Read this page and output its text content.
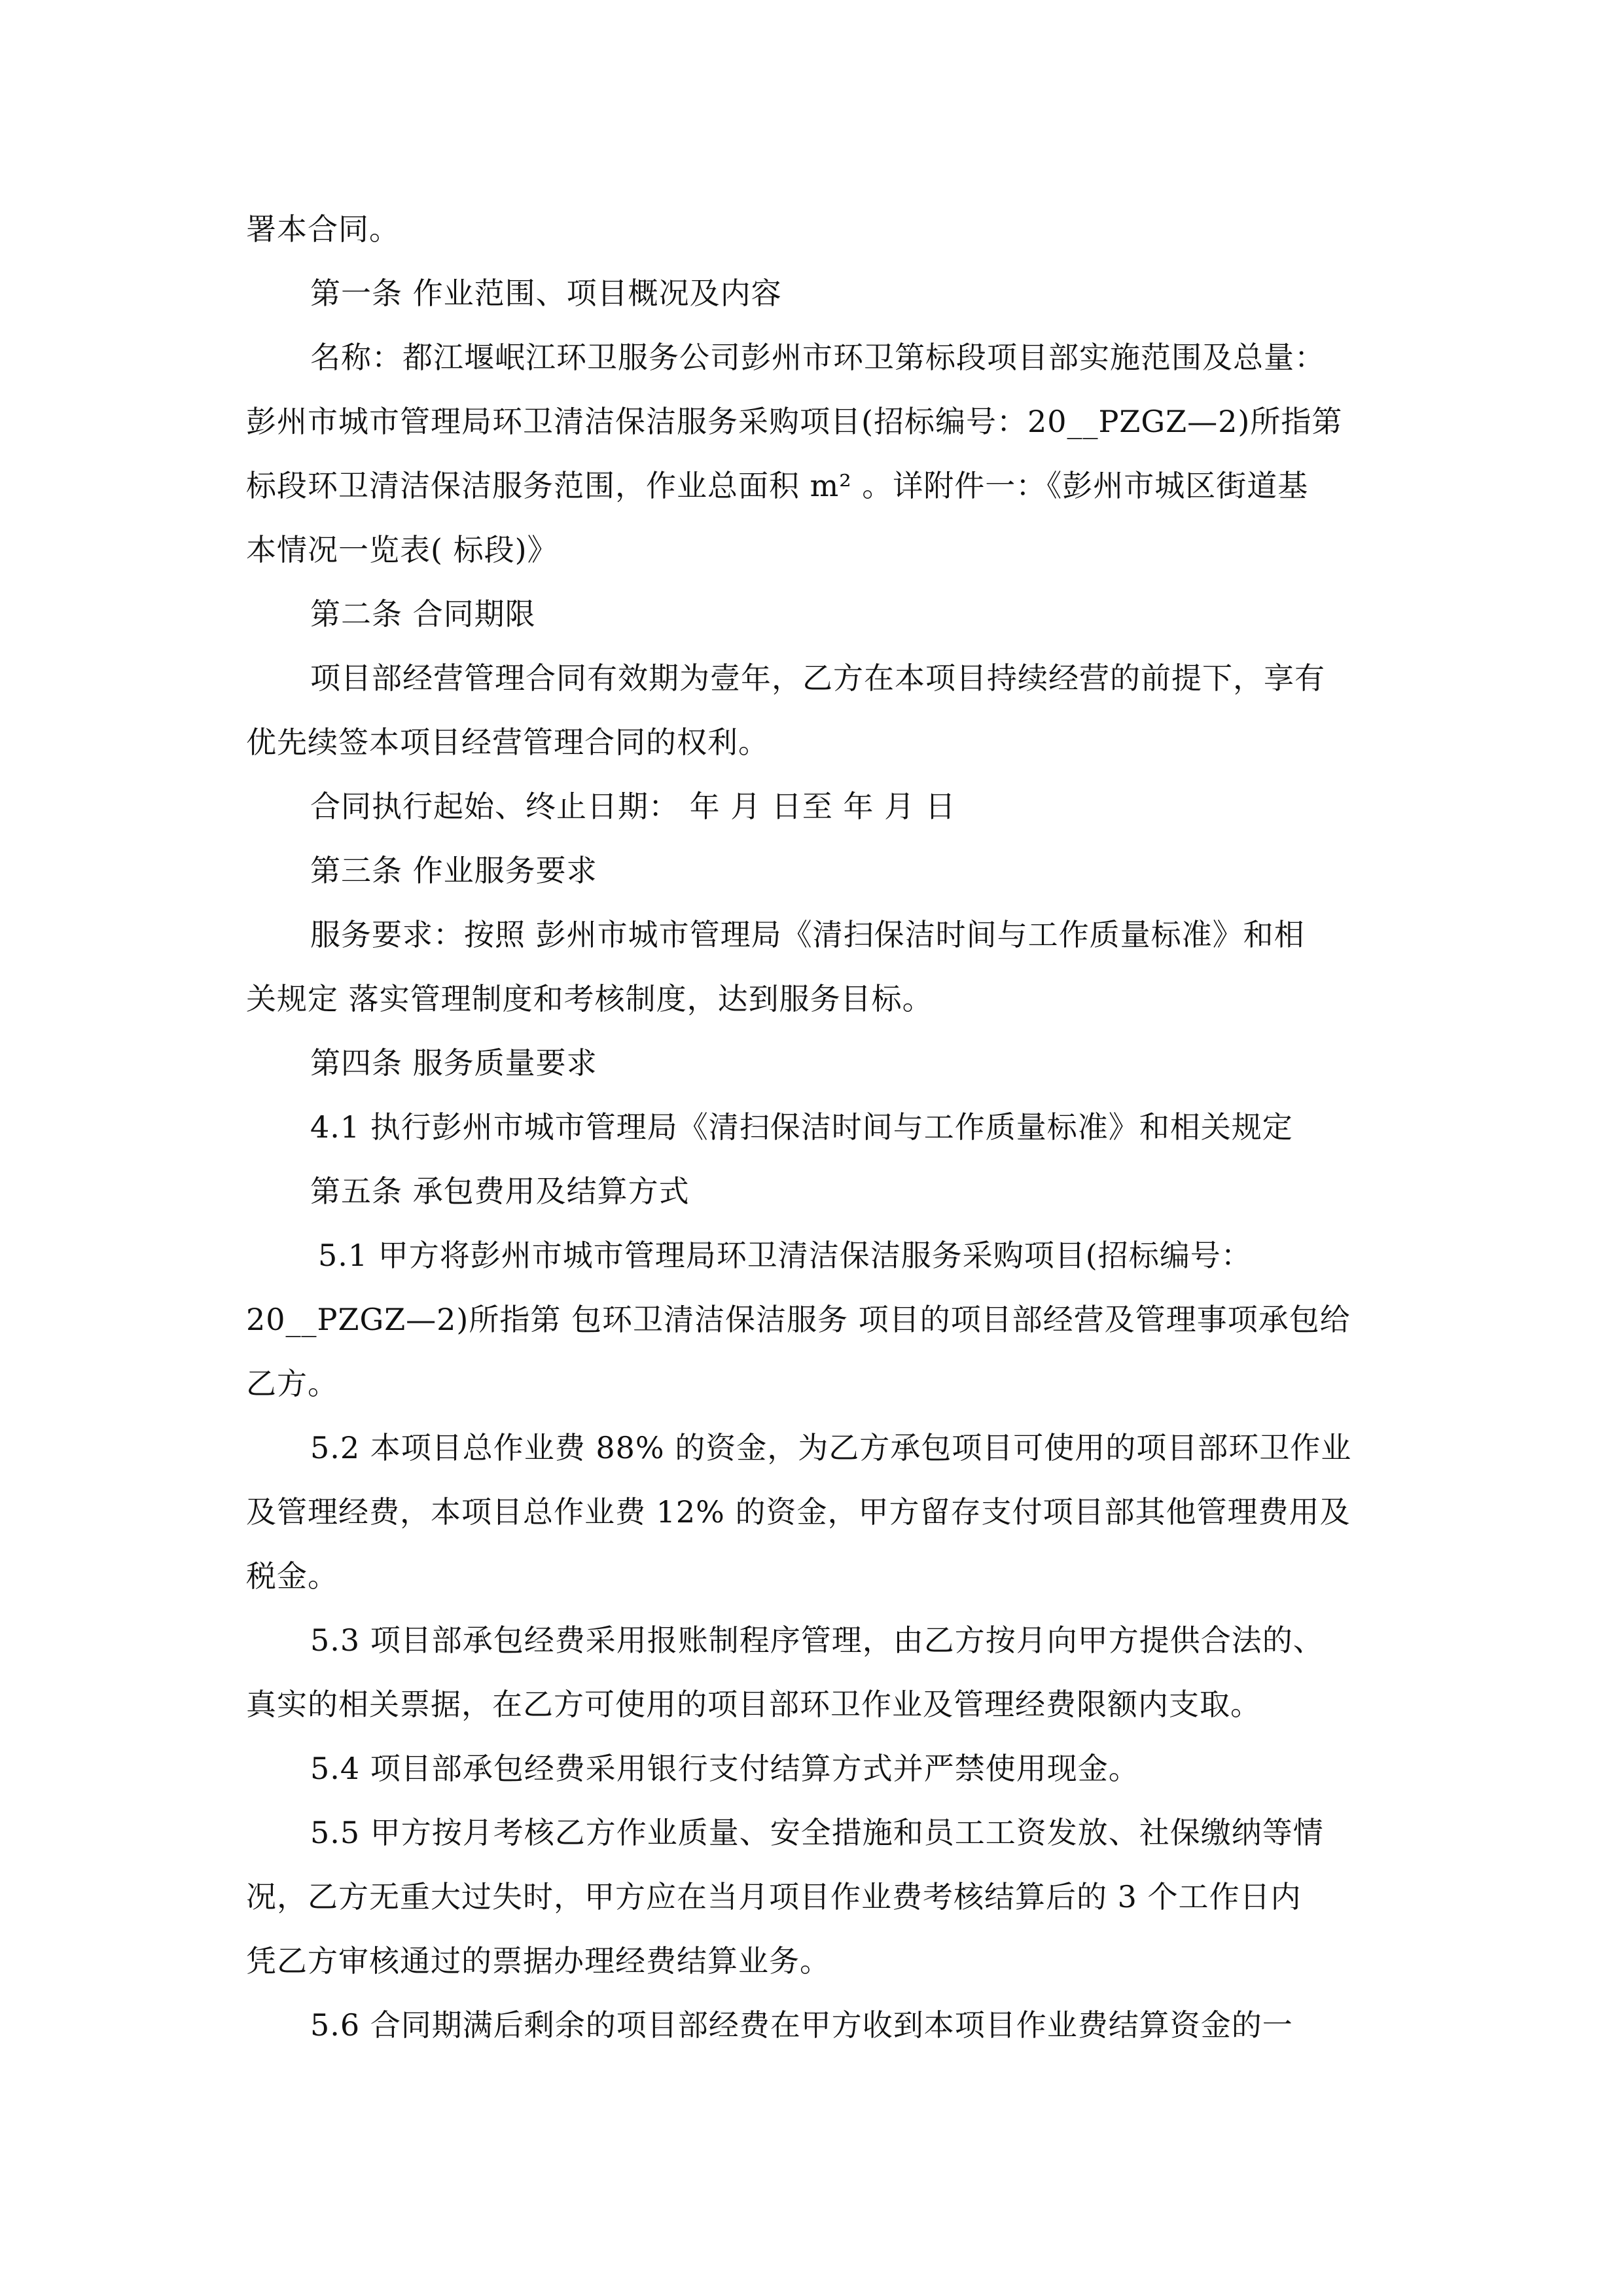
署本合同。
第一条 作业范围、项目概况及内容
名称：都江堰岷江环卫服务公司彭州市环卫第标段项目部实施范围及总量：
彭州市城市管理局环卫清洁保洁服务采购项目(招标编号：20__PZGZ—2)所指第
标段环卫清洁保洁服务范围，作业总面积 m² 。详附件一：《彭州市城区街道基
本情况一览表( 标段)》
第二条 合同期限
项目部经营管理合同有效期为壹年，乙方在本项目持续经营的前提下，享有
优先续签本项目经营管理合同的权利。
合同执行起始、终止日期： 年 月 日至 年 月 日
第三条 作业服务要求
服务要求：按照 彭州市城市管理局《清扫保洁时间与工作质量标准》和相
关规定 落实管理制度和考核制度，达到服务目标。
第四条 服务质量要求
4.1 执行彭州市城市管理局《清扫保洁时间与工作质量标准》和相关规定
第五条 承包费用及结算方式
5.1 甲方将彭州市城市管理局环卫清洁保洁服务采购项目(招标编号：
20__PZGZ—2)所指第 包环卫清洁保洁服务 项目的项目部经营及管理事项承包给
乙方。
5.2 本项目总作业费 88% 的资金，为乙方承包项目可使用的项目部环卫作业
及管理经费，本项目总作业费 12% 的资金，甲方留存支付项目部其他管理费用及
税金。
5.3 项目部承包经费采用报账制程序管理，由乙方按月向甲方提供合法的、
真实的相关票据，在乙方可使用的项目部环卫作业及管理经费限额内支取。
5.4 项目部承包经费采用银行支付结算方式并严禁使用现金。
5.5 甲方按月考核乙方作业质量、安全措施和员工工资发放、社保缴纳等情
况，乙方无重大过失时，甲方应在当月项目作业费考核结算后的 3 个工作日内
凭乙方审核通过的票据办理经费结算业务。
5.6 合同期满后剩余的项目部经费在甲方收到本项目作业费结算资金的一
